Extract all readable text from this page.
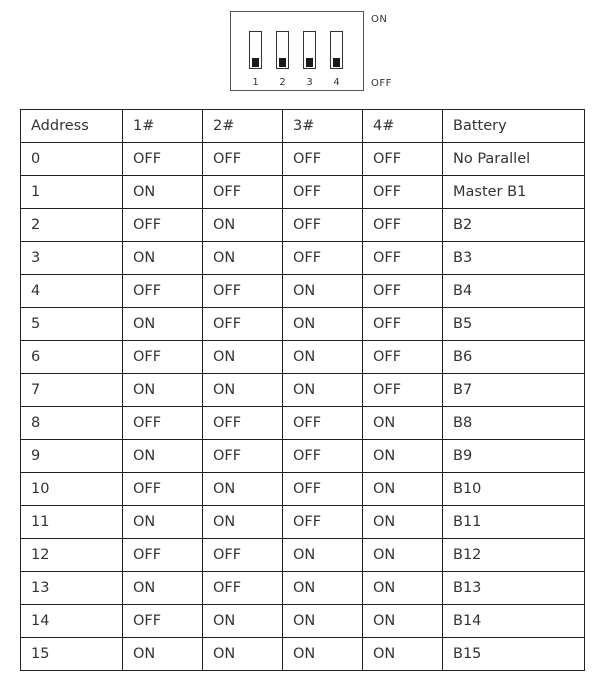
1	2	3	4
ON
OFF
Address	1#	2#	3#	4#	Battery
0	OFF	OFF	OFF	OFF	No Parallel
1	ON	OFF	OFF	OFF	Master B1
2	OFF	ON	OFF	OFF	B2
3	ON	ON	OFF	OFF	B3
4	OFF	OFF	ON	OFF	B4
5	ON	OFF	ON	OFF	B5
6	OFF	ON	ON	OFF	B6
7	ON	ON	ON	OFF	B7
8	OFF	OFF	OFF	ON	B8
9	ON	OFF	OFF	ON	B9
10	OFF	ON	OFF	ON	B10
11	ON	ON	OFF	ON	B11
12	OFF	OFF	ON	ON	B12
13	ON	OFF	ON	ON	B13
14	OFF	ON	ON	ON	B14
15	ON	ON	ON	ON	B15
